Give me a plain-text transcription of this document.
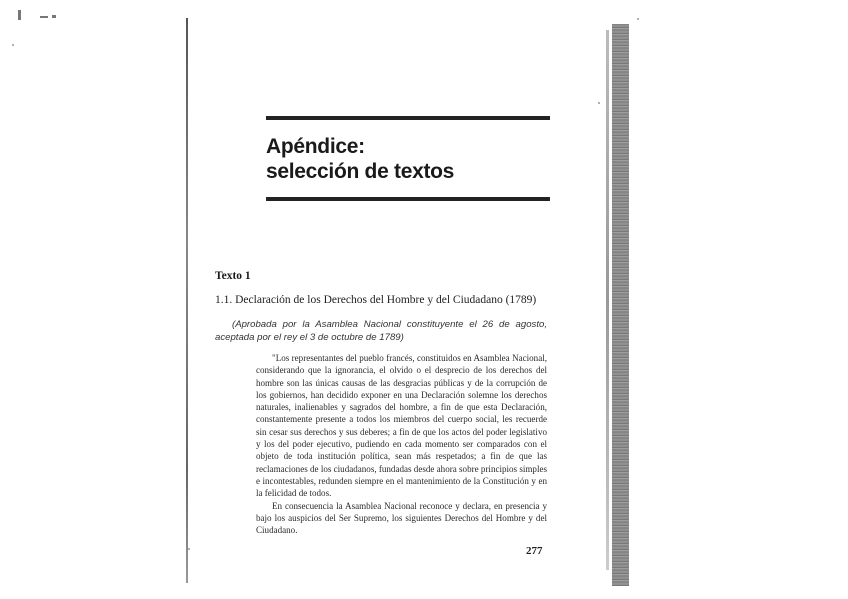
Apéndice:
selección de textos
Texto 1
1.1. Declaración de los Derechos del Hombre y del Ciudadano (1789)
(Aprobada por la Asamblea Nacional constituyente el 26 de agosto, aceptada por el rey el 3 de octubre de 1789)

"Los representantes del pueblo francés, constituidos en Asamblea Nacional, considerando que la ignorancia, el olvido o el desprecio de los derechos del hombre son las únicas causas de las desgracias públicas y de la corrupción de los gobiernos, han decidido exponer en una Declaración solemne los derechos naturales, inalienables y sagrados del hombre, a fin de que esta Declaración, constantemente presente a todos los miembros del cuerpo social, les recuerde sin cesar sus derechos y sus deberes; a fin de que los actos del poder legislativo y los del poder ejecutivo, pudiendo en cada momento ser comparados con el objeto de toda institución política, sean más respetados; a fin de que las reclamaciones de los ciudadanos, fundadas desde ahora sobre principios simples e incontestables, redunden siempre en el mantenimiento de la Constitución y en la felicidad de todos.

En consecuencia la Asamblea Nacional reconoce y declara, en presencia y bajo los auspicios del Ser Supremo, los siguientes Derechos del Hombre y del Ciudadano.

277
